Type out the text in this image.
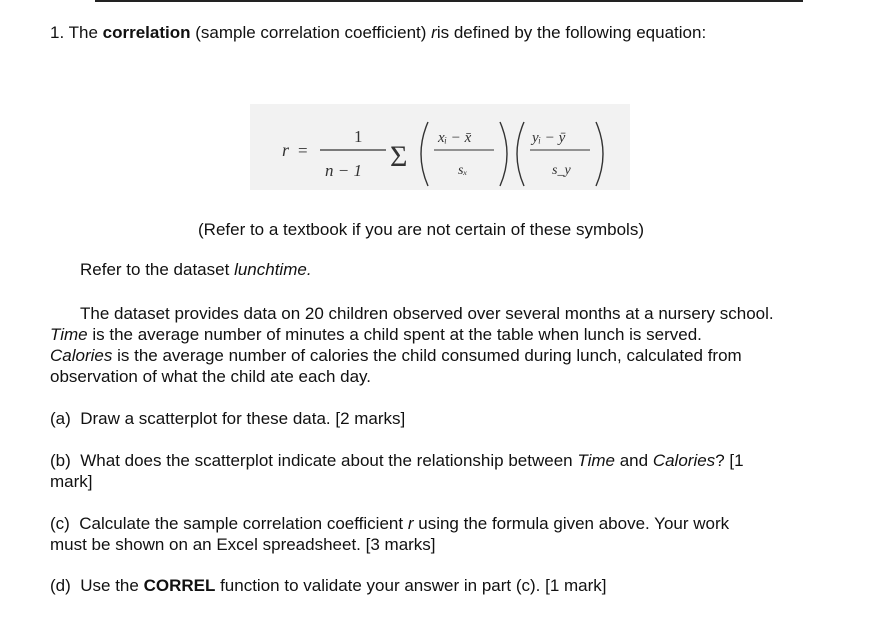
1. The correlation (sample correlation coefficient) ris defined by the following equation:
r =
1
n − 1 Σ
xᵢ − x̄
sₓ
yᵢ − ȳ
s_y
(Refer to a textbook if you are not certain of these symbols)
Refer to the dataset lunchtime.
The dataset provides data on 20 children observed over several months at a nursery school.
Time is the average number of minutes a child spent at the table when lunch is served.
Calories is the average number of calories the child consumed during lunch, calculated from
observation of what the child ate each day.
(a) Draw a scatterplot for these data. [2 marks]
(b) What does the scatterplot indicate about the relationship between Time and Calories? [1
mark]
(c) Calculate the sample correlation coefficient r using the formula given above. Your work
must be shown on an Excel spreadsheet. [3 marks]
(d) Use the CORREL function to validate your answer in part (c). [1 mark]
